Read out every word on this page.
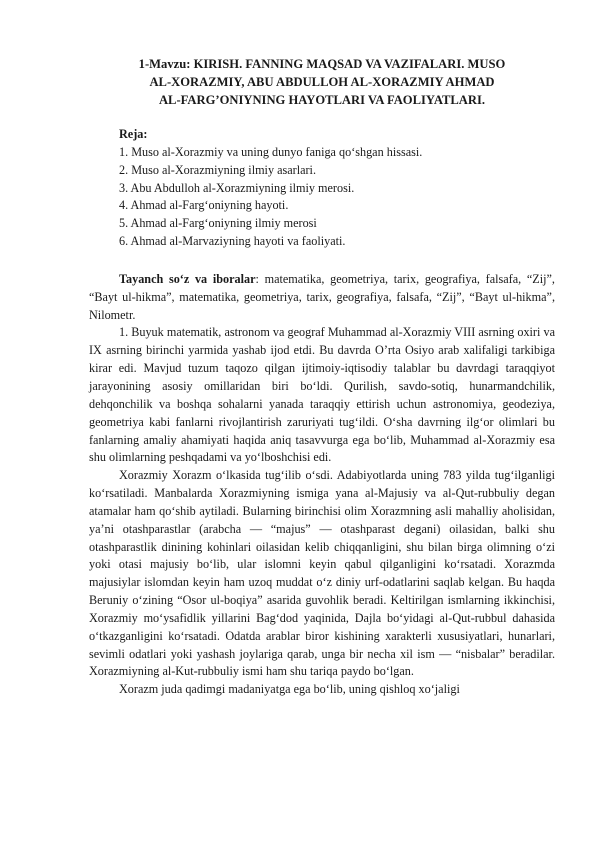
1-Mavzu: KIRISH. FANNING MAQSAD VA VAZIFALARI. MUSO
AL-XORAZMIY, ABU ABDULLOH AL-XORAZMIY AHMAD
AL-FARG’ONIYNING HAYOTLARI VA FAOLIYATLARI.
Reja:
1. Muso al-Xorazmiy va uning dunyo faniga qo‘shgan hissasi.
2. Muso al-Xorazmiyning ilmiy asarlari.
3. Abu Abdulloh al-Xorazmiyning ilmiy merosi.
4. Ahmad al-Farg‘oniyning hayoti.
5. Ahmad al-Farg‘oniyning ilmiy merosi
6. Ahmad al-Marvaziyning hayoti va faoliyati.

Tayanch so‘z va iboralar: matematika, geometriya, tarix, geografiya, falsafa, “Zij”, “Bayt ul-hikma”, matematika, geometriya, tarix, geografiya, falsafa, “Zij”, “Bayt ul-hikma”, Nilometr.

1. Buyuk matematik, astronom va geograf Muhammad al-Xorazmiy VIII asrning oxiri va IX asrning birinchi yarmida yashab ijod etdi. Bu davrda O’rta Osiyo arab xalifaligi tarkibiga kirar edi. Mavjud tuzum taqozo qilgan ijtimoiy-iqtisodiy talablar bu davrdagi taraqqiyot jarayonining asosiy omillaridan biri bo‘ldi. Qurilish, savdo-sotiq, hunarmandchilik, dehqonchilik va boshqa sohalarni yanada taraqqiy ettirish uchun astronomiya, geodeziya, geometriya kabi fanlarni rivojlantirish zaruriyati tug‘ildi. O‘sha davrning ilg‘or olimlari bu fanlarning amaliy ahamiyati haqida aniq tasavvurga ega bo‘lib, Muhammad al-Xorazmiy esa shu olimlarning peshqadami va yo‘lboshchisi edi.

Xorazmiy Xorazm o‘lkasida tug‘ilib o‘sdi. Adabiyotlarda uning 783 yilda tug‘ilganligi ko‘rsatiladi. Manbalarda Xorazmiyning ismiga yana al-Majusiy va al-Qut-rubbuliy degan atamalar ham qo‘shib aytiladi. Bularning birinchisi olim Xorazmning asli mahalliy aholisidan, ya’ni otashparastlar (arabcha — “majus” — otashparast degani) oilasidan, balki shu otashparastlik dinining kohinlari oilasidan kelib chiqqanligini, shu bilan birga olimning o‘zi yoki otasi majusiy bo‘lib, ular islomni keyin qabul qilganligini ko‘rsatadi. Xorazmda majusiylar islomdan keyin ham uzoq muddat o‘z diniy urf-odatlarini saqlab kelgan. Bu haqda Beruniy o‘zining “Osor ul-boqiya” asarida guvohlik beradi. Keltirilgan ismlarning ikkinchisi, Xorazmiy mo‘ysafidlik yillarini Bag‘dod yaqinida, Dajla bo‘yidagi al-Qut-rubbul dahasida o‘tkazganligini ko‘rsatadi. Odatda arablar biror kishining xarakterli xususiyatlari, hunarlari, sevimli odatlari yoki yashash joylariga qarab, unga bir necha xil ism — “nisbalar” beradilar. Xorazmiyning al-Kut-rubbuliy ismi ham shu tariqa paydo bo‘lgan.

Xorazm juda qadimgi madaniyatga ega bo‘lib, uning qishloq xo‘jaligi
